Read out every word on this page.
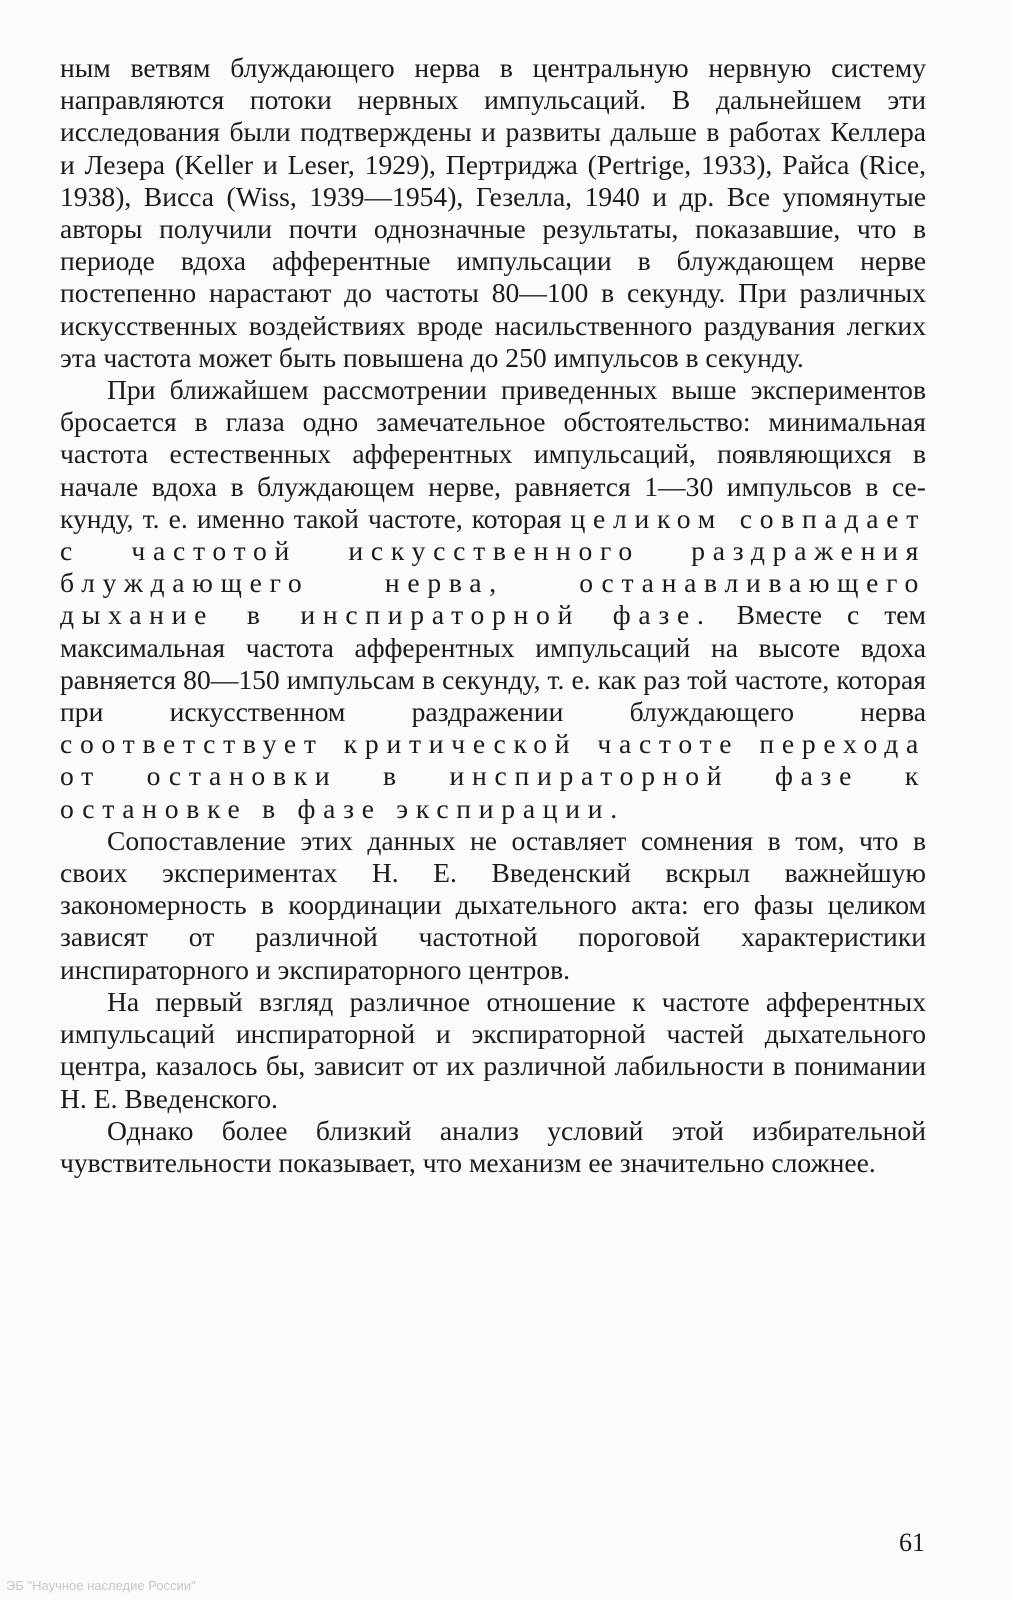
ным ветвям блуждающего нерва в центральную нервную систему направляются потоки нервных импульсаций. В дальнейшем эти исследования были подтверждены и развиты дальше в работах Келлера и Лезера (Keller и Leser, 1929), Пертриджа (Pertrige, 1933), Райса (Rice, 1938), Висса (Wiss, 1939—1954), Гезелла, 1940 и др. Все упомянутые авторы получили почти однозначные результаты, показавшие, что в периоде вдоха афферентные импульсации в блуждающем нерве постепенно нарастают до частоты 80—100 в секунду. При различных искусственных воздействиях вроде насильственного раздувания легких эта частота может быть повышена до 250 импульсов в секунду.

При ближайшем рассмотрении приведенных выше экспериментов бросается в глаза одно замечательное обстоятельство: минимальная частота естественных афферентных импульсаций, появляющихся в начале вдоха в блуждающем нерве, равняется 1—30 импульсов в секунду, т. е. именно такой частоте, которая целиком совпадает с частотой искусственного раздражения блуждающего нерва, останавливающего дыхание в инспираторной фазе. Вместе с тем максимальная частота афферентных импульсаций на высоте вдоха равняется 80—150 импульсам в секунду, т. е. как раз той частоте, которая при искусственном раздражении блуждающего нерва соответствует критической частоте перехода от остановки в инспираторной фазе к остановке в фазе экспирации.

Сопоставление этих данных не оставляет сомнения в том, что в своих экспериментах Н. Е. Введенский вскрыл важнейшую закономерность в координации дыхательного акта: его фазы целиком зависят от различной частотной пороговой характеристики инспираторного и экспираторного центров.

На первый взгляд различное отношение к частоте афферентных импульсаций инспираторной и экспираторной частей дыхательного центра, казалось бы, зависит от их различной лабильности в понимании Н. Е. Введенского.

Однако более близкий анализ условий этой избирательной чувствительности показывает, что механизм ее значительно сложнее.

61
ЭБ "Научное наследие России"
